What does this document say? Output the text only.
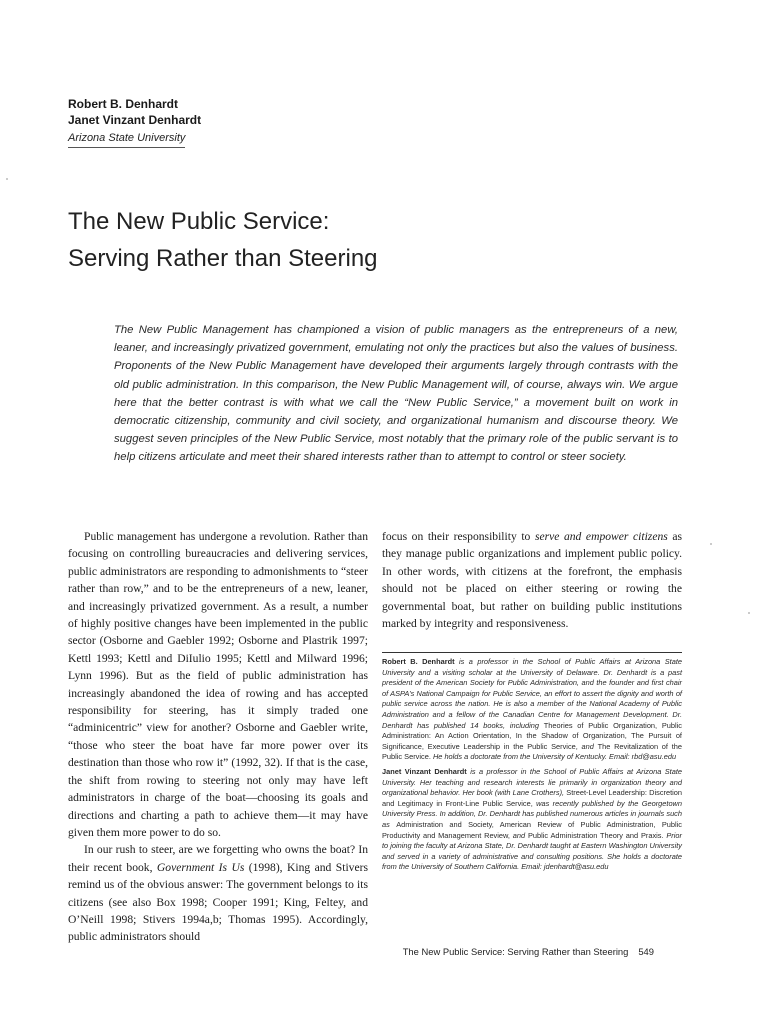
Robert B. Denhardt
Janet Vinzant Denhardt
Arizona State University
The New Public Service:
Serving Rather than Steering

The New Public Management has championed a vision of public managers as the entrepreneurs of a new, leaner, and increasingly privatized government, emulating not only the practices but also the values of business. Proponents of the New Public Management have developed their arguments largely through contrasts with the old public administration. In this comparison, the New Public Management will, of course, always win. We argue here that the better contrast is with what we call the “New Public Service,” a movement built on work in democratic citizenship, community and civil society, and organizational humanism and discourse theory. We suggest seven principles of the New Public Service, most notably that the primary role of the public servant is to help citizens articulate and meet their shared interests rather than to attempt to control or steer society.

Public management has undergone a revolution. Rather than focusing on controlling bureaucracies and delivering services, public administrators are responding to admonishments to “steer rather than row,” and to be the entrepreneurs of a new, leaner, and increasingly privatized government. As a result, a number of highly positive changes have been implemented in the public sector (Osborne and Gaebler 1992; Osborne and Plastrik 1997; Kettl 1993; Kettl and DiIulio 1995; Kettl and Milward 1996; Lynn 1996). But as the field of public administration has increasingly abandoned the idea of rowing and has accepted responsibility for steering, has it simply traded one “adminicentric” view for another? Osborne and Gaebler write, “those who steer the boat have far more power over its destination than those who row it” (1992, 32). If that is the case, the shift from rowing to steering not only may have left administrators in charge of the boat—choosing its goals and directions and charting a path to achieve them—it may have given them more power to do so.

In our rush to steer, are we forgetting who owns the boat? In their recent book, Government Is Us (1998), King and Stivers remind us of the obvious answer: The government belongs to its citizens (see also Box 1998; Cooper 1991; King, Feltey, and O’Neill 1998; Stivers 1994a,b; Thomas 1995). Accordingly, public administrators should

focus on their responsibility to serve and empower citizens as they manage public organizations and implement public policy. In other words, with citizens at the forefront, the emphasis should not be placed on either steering or rowing the governmental boat, but rather on building public institutions marked by integrity and responsiveness.

Robert B. Denhardt is a professor in the School of Public Affairs at Arizona State University and a visiting scholar at the University of Delaware. Dr. Denhardt is a past president of the American Society for Public Administration, and the founder and first chair of ASPA’s National Campaign for Public Service, an effort to assert the dignity and worth of public service across the nation. He is also a member of the National Academy of Public Administration and a fellow of the Canadian Centre for Management Development. Dr. Denhardt has published 14 books, including Theories of Public Organization, Public Administration: An Action Orientation, In the Shadow of Organization, The Pursuit of Significance, Executive Leadership in the Public Service, and The Revitalization of the Public Service. He holds a doctorate from the University of Kentucky. Email: rbd@asu.edu

Janet Vinzant Denhardt is a professor in the School of Public Affairs at Arizona State University. Her teaching and research interests lie primarily in organization theory and organizational behavior. Her book (with Lane Crothers), Street-Level Leadership: Discretion and Legitimacy in Front-Line Public Service, was recently published by the Georgetown University Press. In addition, Dr. Denhardt has published numerous articles in journals such as Administration and Society, American Review of Public Administration, Public Productivity and Management Review, and Public Administration Theory and Praxis. Prior to joining the faculty at Arizona State, Dr. Denhardt taught at Eastern Washington University and served in a variety of administrative and consulting positions. She holds a doctorate from the University of Southern California. Email: jdenhardt@asu.edu

The New Public Service: Serving Rather than Steering 549
